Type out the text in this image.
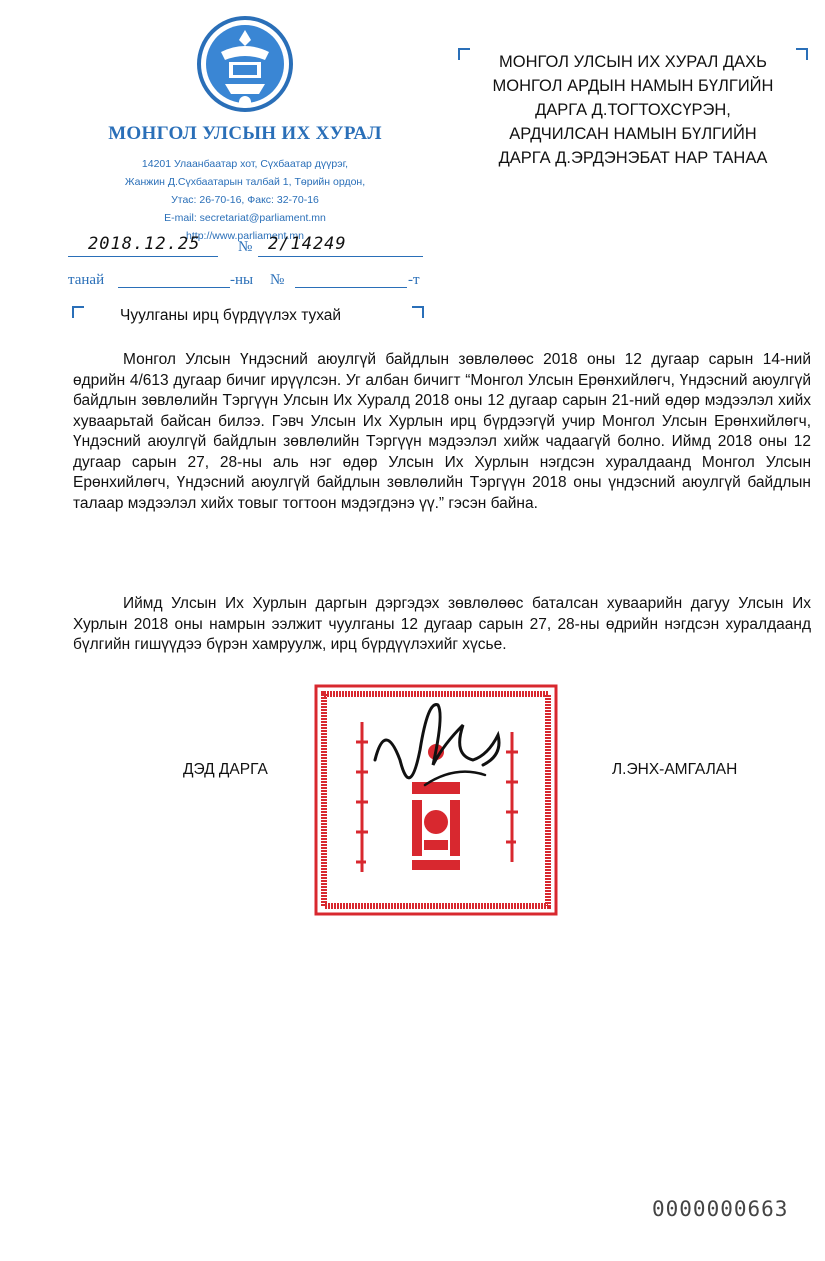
МОНГОЛ УЛСЫН ИХ ХУРАЛ
14201 Улаанбаатар хот, Сүхбаатар дүүрэг,
Жанжин Д.Сүхбаатарын талбай 1, Төрийн ордон,
Утас: 26-70-16, Факс: 32-70-16
E-mail: secretariat@parliament.mn
http://www.parliament.mn
2018.12.25	№ 2/14249
танай	-ны №	-т
МОНГОЛ УЛСЫН ИХ ХУРАЛ ДАХЬ
МОНГОЛ АРДЫН НАМЫН БҮЛГИЙН
ДАРГА Д.ТОГТОХСҮРЭН,
АРДЧИЛСАН НАМЫН БҮЛГИЙН
ДАРГА Д.ЭРДЭНЭБАТ НАР ТАНАА
Чуулганы ирц бүрдүүлэх тухай
Монгол Улсын Үндэсний аюулгүй байдлын зөвлөлөөс 2018 оны 12 дугаар сарын 14-ний өдрийн 4/613 дугаар бичиг ирүүлсэн. Уг албан бичигт “Монгол Улсын Ерөнхийлөгч, Үндэсний аюулгүй байдлын зөвлөлийн Тэргүүн Улсын Их Хуралд 2018 оны 12 дугаар сарын 21-ний өдөр мэдээлэл хийх хуваарьтай байсан билээ. Гэвч Улсын Их Хурлын ирц бүрдээгүй учир Монгол Улсын Ерөнхийлөгч, Үндэсний аюулгүй байдлын зөвлөлийн Тэргүүн мэдээлэл хийж чадаагүй болно. Иймд 2018 оны 12 дугаар сарын 27, 28-ны аль нэг өдөр Улсын Их Хурлын нэгдсэн хуралдаанд Монгол Улсын Ерөнхийлөгч, Үндэсний аюулгүй байдлын зөвлөлийн Тэргүүн 2018 оны үндэсний аюулгүй байдлын талаар мэдээлэл хийх товыг тогтоон мэдэгдэнэ үү.” гэсэн байна.
Иймд Улсын Их Хурлын даргын дэргэдэх зөвлөлөөс баталсан хуваарийн дагуу Улсын Их Хурлын 2018 оны намрын ээлжит чуулганы 12 дугаар сарын 27, 28-ны өдрийн нэгдсэн хуралдаанд бүлгийн гишүүдээ бүрэн хамруулж, ирц бүрдүүлэхийг хүсье.
ДЭД ДАРГА	Л.ЭНХ-АМГАЛАН
0000000663
